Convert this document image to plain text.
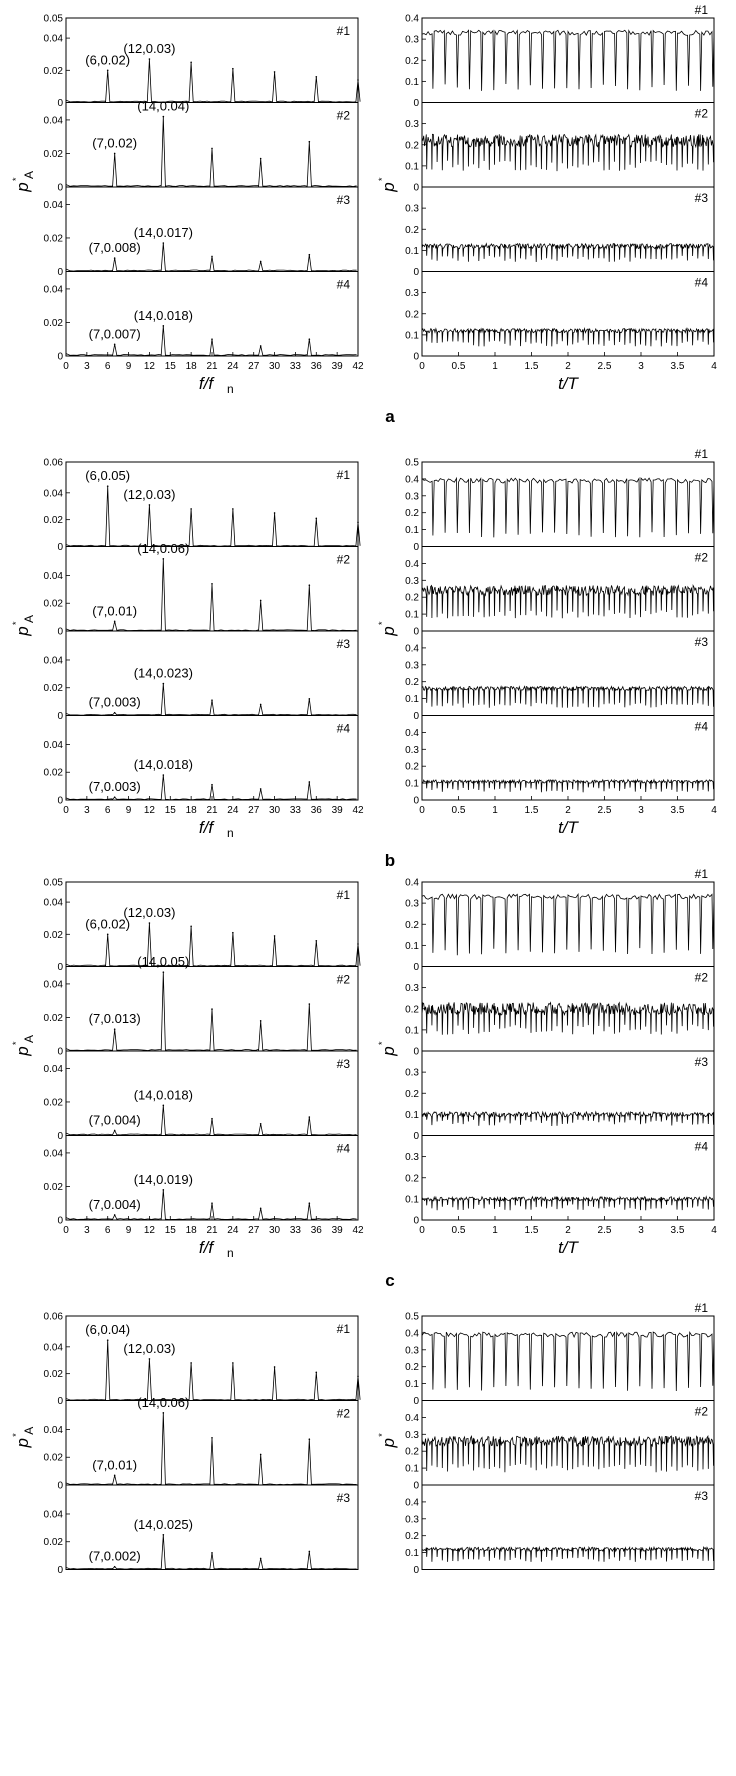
0
0.02
0.04
0.05
#1
(6,0.02)
(12,0.03)
0
0.02
0.04	#2
(7,0.02)
(14,0.04)
0
0.02
0.04	#3
(7,0.008)
(14,0.017)
0
0.02
0.04	#4
(7,0.007)
(14,0.018)
0 3 6 9 12 15 18 21 24 27 30 33 36 39 42
f/f n
p
*
A
0
0.1
0.2
0.3
0.4
#1
0
0.1
0.2
0.3
#2
0
0.1
0.2
0.3
#3
0
0.1
0.2
0.3
#4
0	0.5	1	1.5	2	2.5	3	3.5	4
t/T
p
*
a
0
0.02
0.04
0.06
#1
(6,0.05)
(12,0.03)
0
0.02
0.04
#2
(7,0.01)
(14,0.06)
0
0.02
0.04
#3
(7,0.003)
(14,0.023)
0
0.02
0.04
#4
(7,0.003)
(14,0.018)
0 3 6 9 12 15 18 21 24 27 30 33 36 39 42
f/f n
p
*
A
0
0.1
0.2
0.3
0.4
0.5
#1
0
0.1
0.2
0.3
0.4	#2
0
0.1
0.2
0.3
0.4	#3
0
0.1
0.2
0.3
0.4	#4
0	0.5	1	1.5	2	2.5	3	3.5	4
t/T
p
*
b
0
0.02
0.04
0.05
#1
(6,0.02)
(12,0.03)
0
0.02
0.04	#2
(7,0.013)
(14,0.05)
0
0.02
0.04	#3
(7,0.004)
(14,0.018)
0
0.02
0.04	#4
(7,0.004)
(14,0.019)
0 3 6 9 12 15 18 21 24 27 30 33 36 39 42
f/f n
p
*
A
0
0.1
0.2
0.3
0.4
#1
0
0.1
0.2
0.3
#2
0
0.1
0.2
0.3
#3
0
0.1
0.2
0.3
#4
0	0.5	1	1.5	2	2.5	3	3.5	4
t/T
p
*
c
0
0.02
0.04
0.06
#1
(6,0.04)
(12,0.03)
0
0.02
0.04
#2
(7,0.01)
(14,0.06)
0
0.02
0.04
#3
(7,0.002)
(14,0.025)
p
*
A
0
0.1
0.2
0.3
0.4
0.5
#1
0
0.1
0.2
0.3
0.4	#2
0
0.1
0.2
0.3
0.4	#3
p
*
